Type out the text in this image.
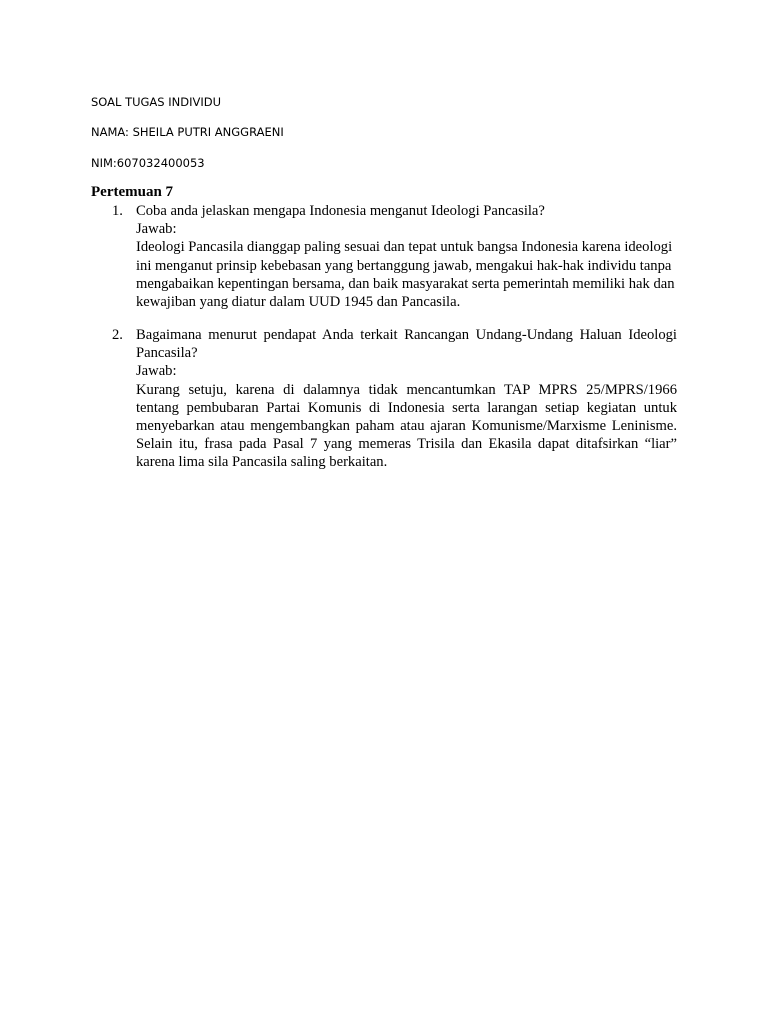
SOAL TUGAS INDIVIDU
NAMA: SHEILA PUTRI ANGGRAENI
NIM:607032400053
Pertemuan 7
1. Coba anda jelaskan mengapa Indonesia menganut Ideologi Pancasila?
Jawab:
Ideologi Pancasila dianggap paling sesuai dan tepat untuk bangsa Indonesia karena ideologi ini menganut prinsip kebebasan yang bertanggung jawab, mengakui hak-hak individu tanpa mengabaikan kepentingan bersama, dan baik masyarakat serta pemerintah memiliki hak dan kewajiban yang diatur dalam UUD 1945 dan Pancasila.
2. Bagaimana menurut pendapat Anda terkait Rancangan Undang-Undang Haluan Ideologi Pancasila?
Jawab:
Kurang setuju, karena di dalamnya tidak mencantumkan TAP MPRS 25/MPRS/1966 tentang pembubaran Partai Komunis di Indonesia serta larangan setiap kegiatan untuk menyebarkan atau mengembangkan paham atau ajaran Komunisme/Marxisme Leninisme. Selain itu, frasa pada Pasal 7 yang memeras Trisila dan Ekasila dapat ditafsirkan “liar” karena lima sila Pancasila saling berkaitan.
